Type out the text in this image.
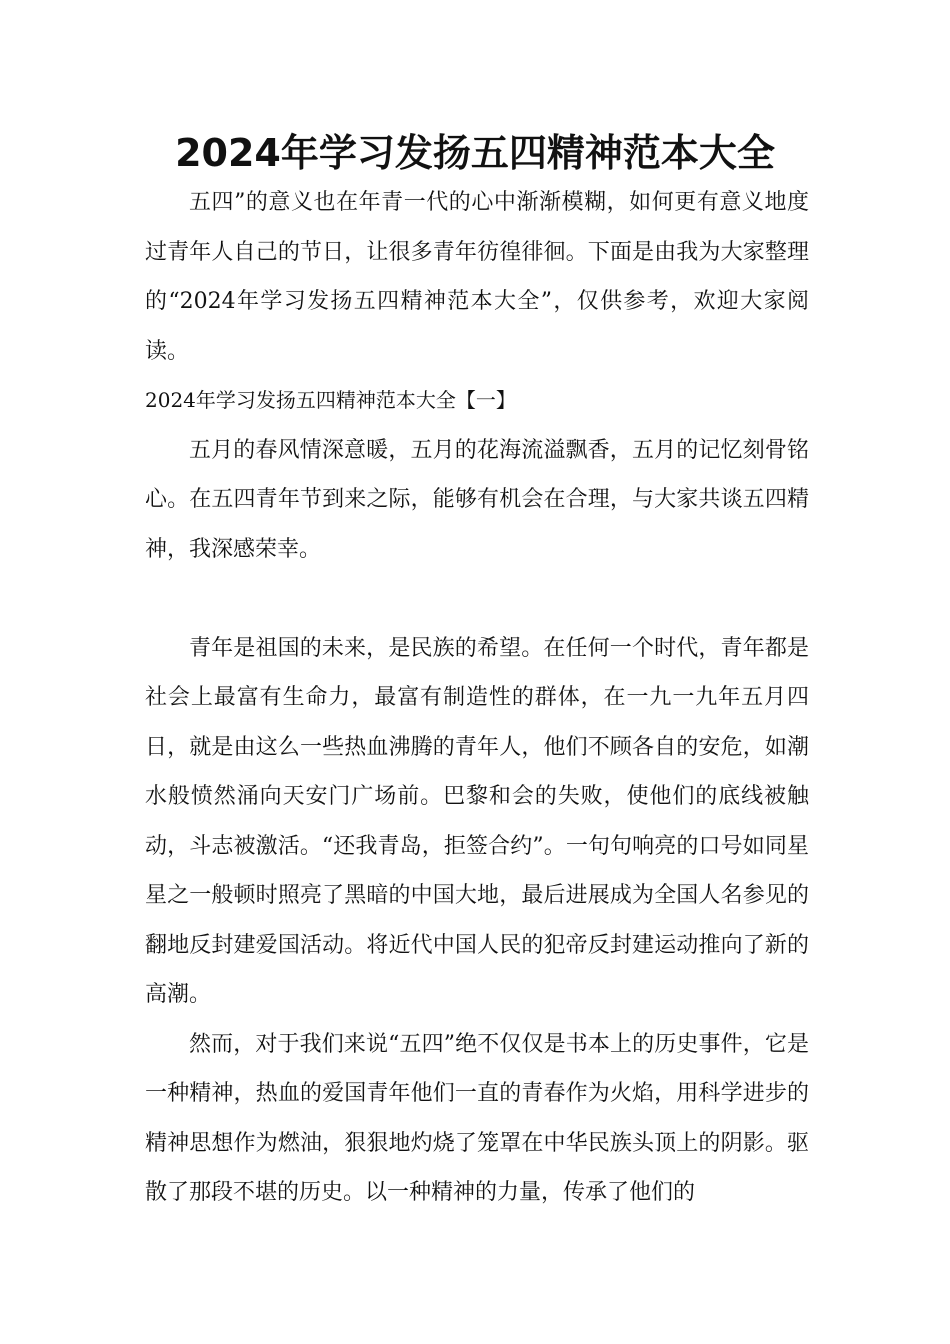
2024年学习发扬五四精神范本大全

五四”的意义也在年青一代的心中渐渐模糊，如何更有意义地度过青年人自己的节日，让很多青年彷徨徘徊。下面是由我为大家整理的“2024年学习发扬五四精神范本大全”，仅供参考，欢迎大家阅读。

2024年学习发扬五四精神范本大全【一】

五月的春风情深意暖，五月的花海流溢飘香，五月的记忆刻骨铭心。在五四青年节到来之际，能够有机会在合理，与大家共谈五四精神，我深感荣幸。

青年是祖国的未来，是民族的希望。在任何一个时代，青年都是社会上最富有生命力，最富有制造性的群体，在一九一九年五月四日，就是由这么一些热血沸腾的青年人，他们不顾各自的安危，如潮水般愤然涌向天安门广场前。巴黎和会的失败，使他们的底线被触动，斗志被激活。“还我青岛，拒签合约”。一句句响亮的口号如同星星之一般顿时照亮了黑暗的中国大地，最后进展成为全国人名参见的翻地反封建爱国活动。将近代中国人民的犯帝反封建运动推向了新的高潮。

然而，对于我们来说“五四”绝不仅仅是书本上的历史事件，它是一种精神，热血的爱国青年他们一直的青春作为火焰，用科学进步的精神思想作为燃油，狠狠地灼烧了笼罩在中华民族头顶上的阴影。驱散了那段不堪的历史。以一种精神的力量，传承了他们的
